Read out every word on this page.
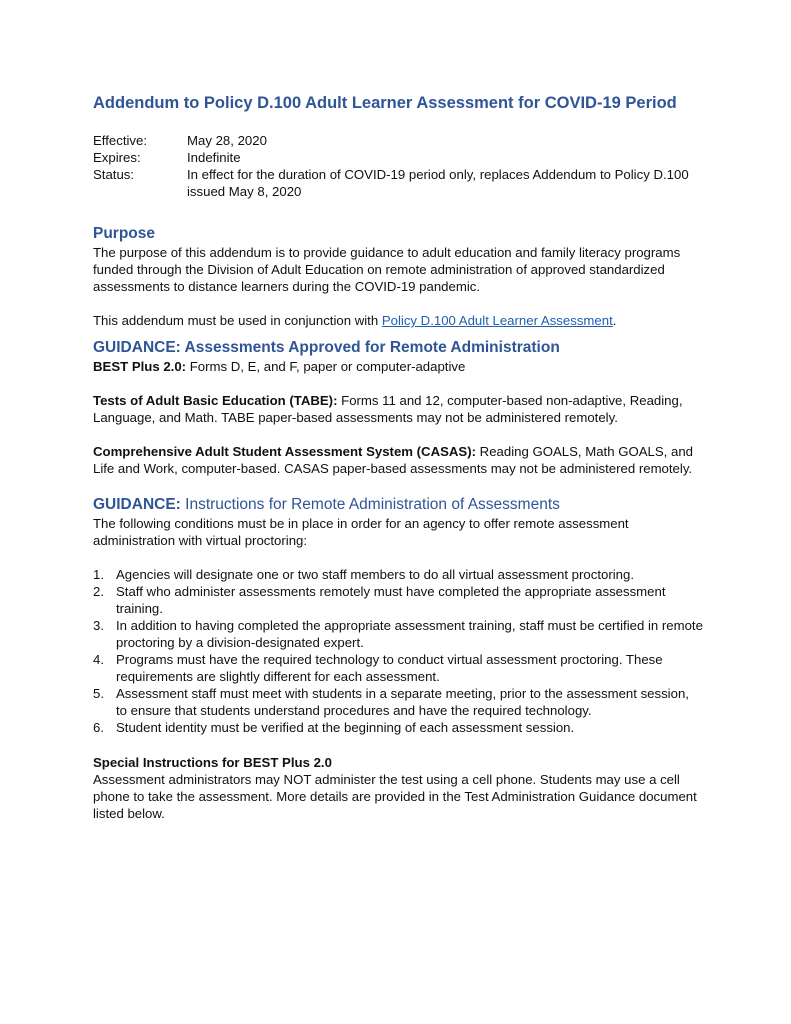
Addendum to Policy D.100 Adult Learner Assessment for COVID-19 Period
Effective:	May 28, 2020
Expires:	Indefinite
Status:	In effect for the duration of COVID-19 period only, replaces Addendum to Policy D.100 issued May 8, 2020
Purpose

The purpose of this addendum is to provide guidance to adult education and family literacy programs funded through the Division of Adult Education on remote administration of approved standardized assessments to distance learners during the COVID-19 pandemic.

This addendum must be used in conjunction with Policy D.100 Adult Learner Assessment.

GUIDANCE: Assessments Approved for Remote Administration

BEST Plus 2.0: Forms D, E, and F, paper or computer-adaptive

Tests of Adult Basic Education (TABE): Forms 11 and 12, computer-based non-adaptive, Reading, Language, and Math. TABE paper-based assessments may not be administered remotely.

Comprehensive Adult Student Assessment System (CASAS): Reading GOALS, Math GOALS, and Life and Work, computer-based. CASAS paper-based assessments may not be administered remotely.

GUIDANCE: Instructions for Remote Administration of Assessments

The following conditions must be in place in order for an agency to offer remote assessment administration with virtual proctoring:

1. Agencies will designate one or two staff members to do all virtual assessment proctoring.
2. Staff who administer assessments remotely must have completed the appropriate assessment training.
3. In addition to having completed the appropriate assessment training, staff must be certified in remote proctoring by a division-designated expert.
4. Programs must have the required technology to conduct virtual assessment proctoring. These requirements are slightly different for each assessment.
5. Assessment staff must meet with students in a separate meeting, prior to the assessment session, to ensure that students understand procedures and have the required technology.
6. Student identity must be verified at the beginning of each assessment session.

Special Instructions for BEST Plus 2.0

Assessment administrators may NOT administer the test using a cell phone. Students may use a cell phone to take the assessment. More details are provided in the Test Administration Guidance document listed below.
